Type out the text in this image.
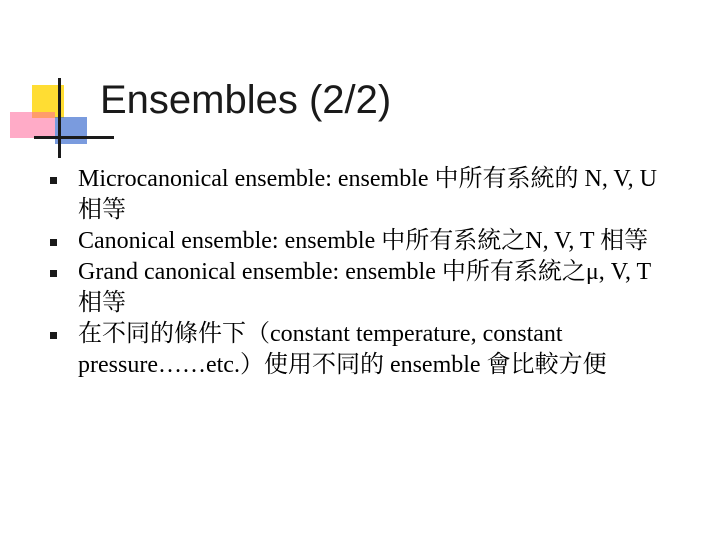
Ensembles (2/2)
Microcanonical ensemble: ensemble 中所有系統的 N, V, U相等
Canonical ensemble: ensemble 中所有系統之N, V, T 相等
Grand canonical ensemble: ensemble 中所有系統之μ, V, T 相等
在不同的條件下（constant temperature, constant pressure……etc.）使用不同的 ensemble 會比較方便
